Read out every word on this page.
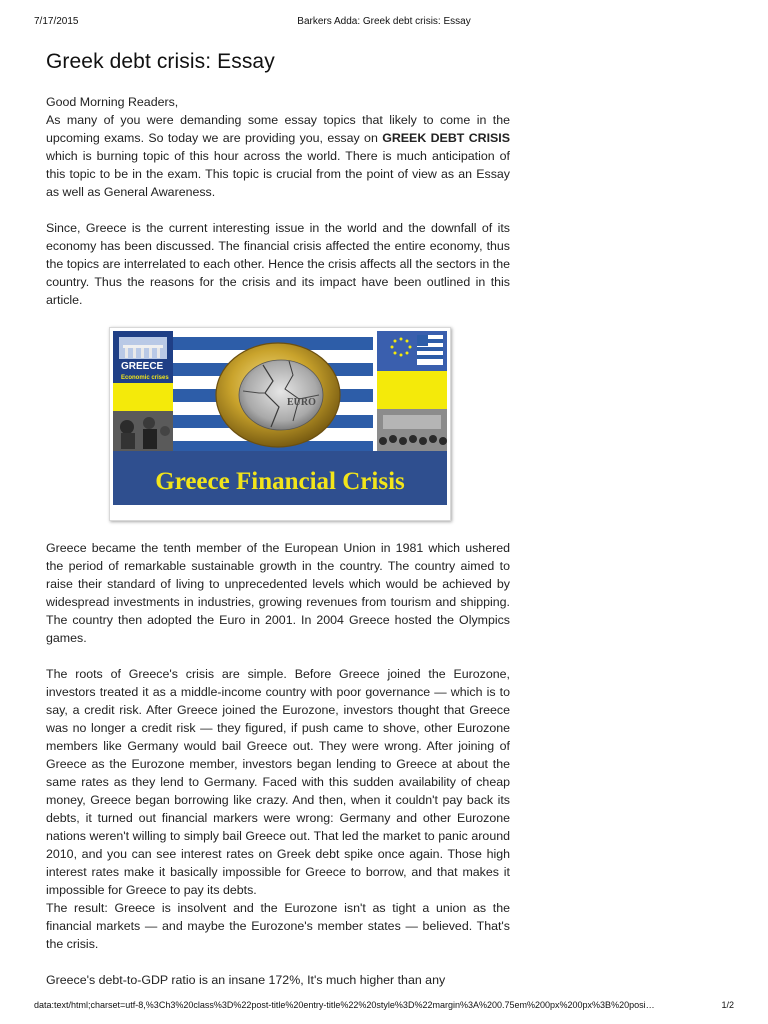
7/17/2015	Barkers Adda: Greek debt crisis: Essay
Greek debt crisis: Essay

Good Morning Readers,

As many of you were demanding some essay topics that likely to come in the upcoming exams. So today we are providing you, essay on GREEK DEBT CRISIS which is burning topic of this hour across the world. There is much anticipation of this topic to be in the exam. This topic is crucial from the point of view as an Essay as well as General Awareness.

Since, Greece is the current interesting issue in the world and the downfall of its economy has been discussed. The financial crisis affected the entire economy, thus the topics are interrelated to each other. Hence the crisis affects all the sectors in the country. Thus the reasons for the crisis and its impact have been outlined in this article.

GREECE
Economic crises
EURO
Greece Financial Crisis

Greece became the tenth member of the European Union in 1981 which ushered the period of remarkable sustainable growth in the country. The country aimed to raise their standard of living to unprecedented levels which would be achieved by widespread investments in industries, growing revenues from tourism and shipping. The country then adopted the Euro in 2001. In 2004 Greece hosted the Olympics games.

The roots of Greece's crisis are simple. Before Greece joined the Eurozone, investors treated it as a middle-income country with poor governance — which is to say, a credit risk. After Greece joined the Eurozone, investors thought that Greece was no longer a credit risk — they figured, if push came to shove, other Eurozone members like Germany would bail Greece out. They were wrong. After joining of Greece as the Eurozone member, investors began lending to Greece at about the same rates as they lend to Germany. Faced with this sudden availability of cheap money, Greece began borrowing like crazy. And then, when it couldn't pay back its debts, it turned out financial markers were wrong: Germany and other Eurozone nations weren't willing to simply bail Greece out. That led the market to panic around 2010, and you can see interest rates on Greek debt spike once again. Those high interest rates make it basically impossible for Greece to borrow, and that makes it impossible for Greece to pay its debts.

The result: Greece is insolvent and the Eurozone isn't as tight a union as the financial markets — and maybe the Eurozone's member states — believed. That's the crisis.

Greece's debt-to-GDP ratio is an insane 172%, It's much higher than any

data:text/html;charset=utf-8,%3Ch3%20class%3D%22post-title%20entry-title%22%20style%3D%22margin%3A%200.75em%200px%200px%3B%20posi…	1/2
